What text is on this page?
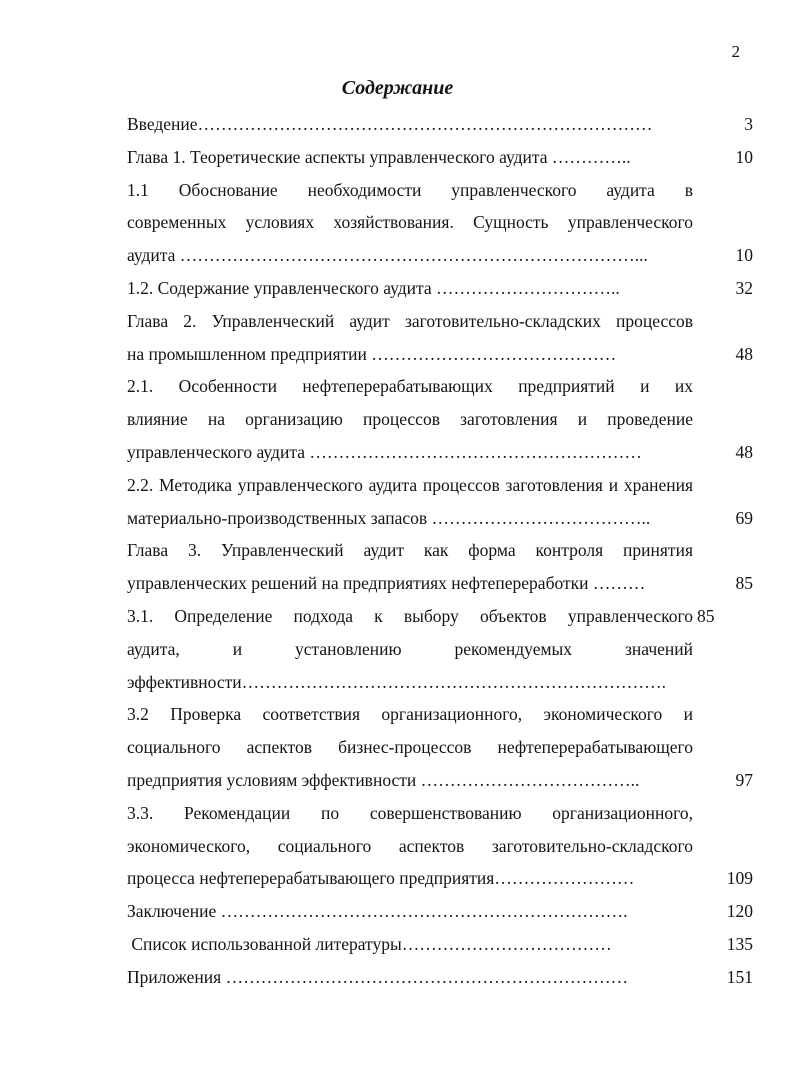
2
Содержание
Введение……………………………………………………………………	3
Глава 1. Теоретические аспекты управленческого аудита …………..	10
1.1 Обоснование необходимости управленческого аудита в
современных условиях хозяйствования. Сущность управленческого
аудита ……………………………………………………………………...	10
1.2. Содержание управленческого аудита …………………………..	32
Глава 2. Управленческий аудит заготовительно-складских процессов
на промышленном предприятии ……………………………………	48
2.1. Особенности нефтеперерабатывающих предприятий и их
влияние на организацию процессов заготовления и проведение
управленческого аудита …………………………………………………	48
2.2. Методика управленческого аудита процессов заготовления и хранения
материально-производственных запасов ………………………………..	69
Глава 3. Управленческий аудит как форма контроля принятия
управленческих решений на предприятиях нефтепереработки ………	85
3.1. Определение подхода к выбору объектов управленческого 85
аудита, и установлению рекомендуемых значений
эффективности……………………………………………………………….
3.2 Проверка соответствия организационного, экономического и
социального аспектов бизнес-процессов нефтеперерабатывающего
предприятия условиям эффективности ………………………………..	97
3.3. Рекомендации по совершенствованию организационного,
экономического, социального аспектов заготовительно-складского
процесса нефтеперерабатывающего предприятия……………………	109
Заключение …………………………………………………………….	120
Список использованной литературы………………………………	135
Приложения ……………………………………………………………	151
